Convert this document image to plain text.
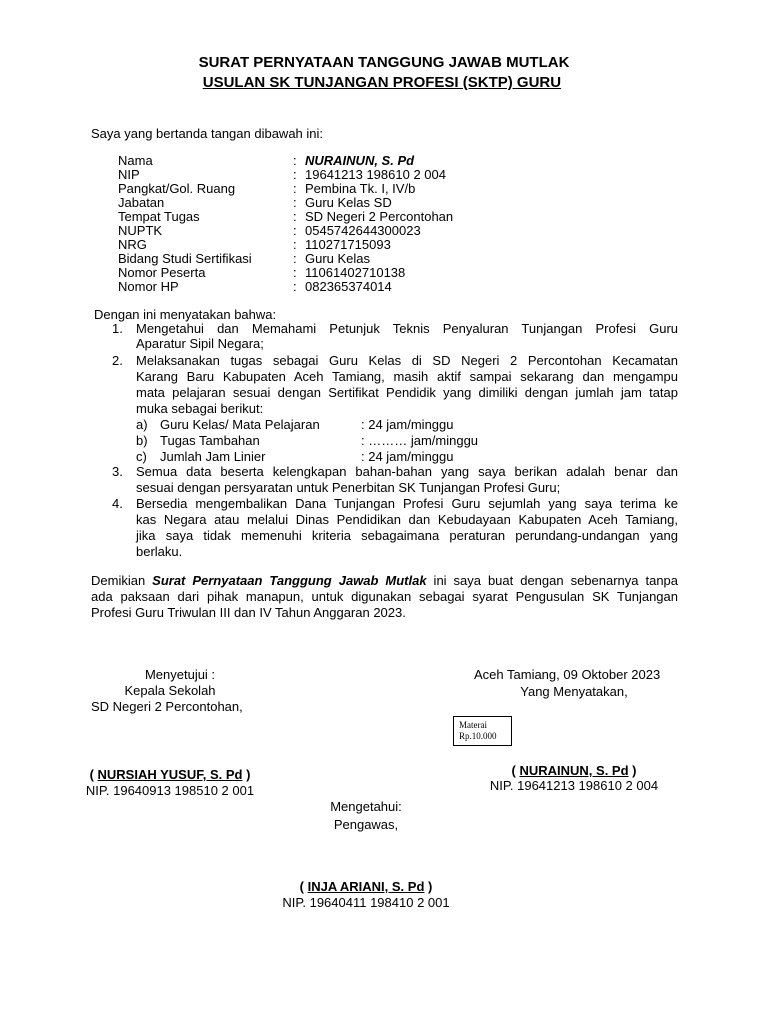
SURAT PERNYATAAN TANGGUNG JAWAB MUTLAK
USULAN SK TUNJANGAN PROFESI (SKTP) GURU
Saya yang bertanda tangan dibawah ini:
Nama	: NURAINUN, S. Pd
NIP	: 19641213 198610 2 004
Pangkat/Gol. Ruang	: Pembina Tk. I, IV/b
Jabatan	: Guru Kelas SD
Tempat Tugas	: SD Negeri 2 Percontohan
NUPTK	: 0545742644300023
NRG	: 110271715093
Bidang Studi Sertifikasi	: Guru Kelas
Nomor Peserta	: 11061402710138
Nomor HP	: 082365374014
Dengan ini menyatakan bahwa:
1. Mengetahui dan Memahami Petunjuk Teknis Penyaluran Tunjangan Profesi Guru
Aparatur Sipil Negara;
2. Melaksanakan tugas sebagai Guru Kelas di SD Negeri 2 Percontohan Kecamatan
Karang Baru Kabupaten Aceh Tamiang, masih aktif sampai sekarang dan mengampu
mata pelajaran sesuai dengan Sertifikat Pendidik yang dimiliki dengan jumlah jam tatap
muka sebagai berikut:
a) Guru Kelas/ Mata Pelajaran	: 24 jam/minggu
b) Tugas Tambahan	: ……… jam/minggu
c) Jumlah Jam Linier	: 24 jam/minggu
3. Semua data beserta kelengkapan bahan-bahan yang saya berikan adalah benar dan
sesuai dengan persyaratan untuk Penerbitan SK Tunjangan Profesi Guru;
4. Bersedia mengembalikan Dana Tunjangan Profesi Guru sejumlah yang saya terima ke
kas Negara atau melalui Dinas Pendidikan dan Kebudayaan Kabupaten Aceh Tamiang,
jika saya tidak memenuhi kriteria sebagaimana peraturan perundang-undangan yang
berlaku.
Demikian Surat Pernyataan Tanggung Jawab Mutlak ini saya buat dengan sebenarnya tanpa
ada paksaan dari pihak manapun, untuk digunakan sebagai syarat Pengusulan SK Tunjangan
Profesi Guru Triwulan III dan IV Tahun Anggaran 2023.
Menyetujui :
Kepala Sekolah
SD Negeri 2 Percontohan,
( NURSIAH YUSUF, S. Pd )
NIP. 19640913 198510 2 001
Aceh Tamiang, 09 Oktober 2023
Yang Menyatakan,
Materai
Rp.10.000
( NURAINUN, S. Pd )
NIP. 19641213 198610 2 004
Mengetahui:
Pengawas,
( INJA ARIANI, S. Pd )
NIP. 19640411 198410 2 001
